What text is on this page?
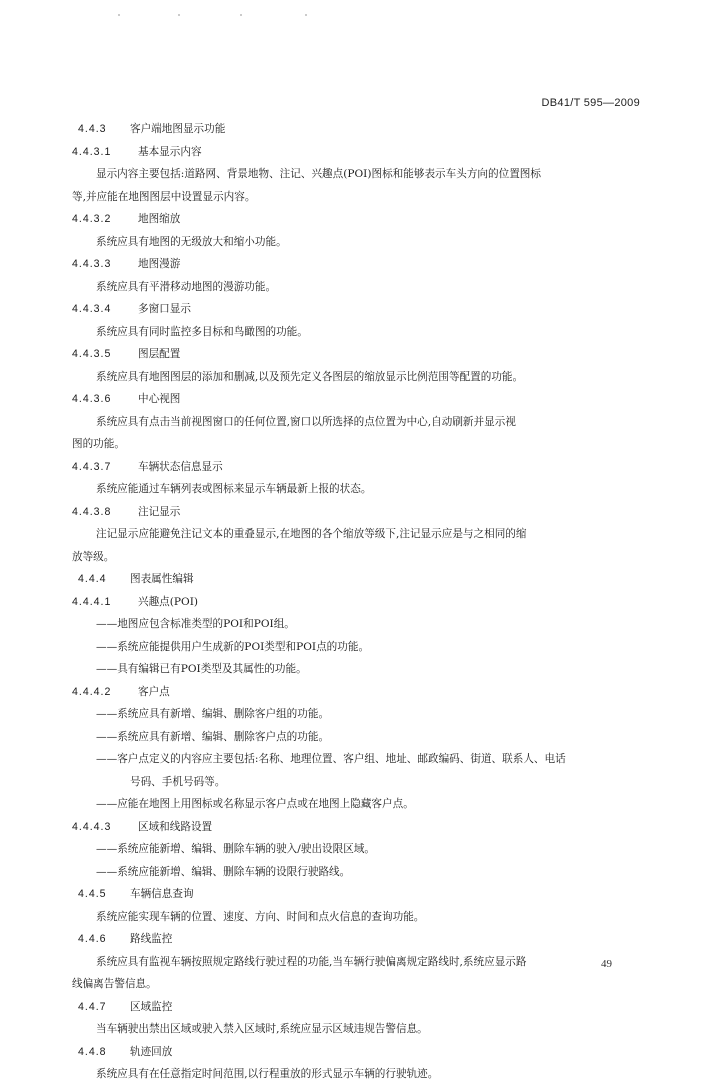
DB41/T 595—2009
4.4.3 客户端地图显示功能
4.4.3.1	基本显示内容
显示内容主要包括:道路网、背景地物、注记、兴趣点(POI)图标和能够表示车头方向的位置图标
等,并应能在地图图层中设置显示内容。
4.4.3.2	地图缩放
系统应具有地图的无级放大和缩小功能。
4.4.3.3	地图漫游
系统应具有平滑移动地图的漫游功能。
4.4.3.4	多窗口显示
系统应具有同时监控多目标和鸟瞰图的功能。
4.4.3.5	图层配置
系统应具有地图图层的添加和删减,以及预先定义各图层的缩放显示比例范围等配置的功能。
4.4.3.6	中心视图
系统应具有点击当前视图窗口的任何位置,窗口以所选择的点位置为中心,自动刷新并显示视
图的功能。
4.4.3.7	车辆状态信息显示
系统应能通过车辆列表或图标来显示车辆最新上报的状态。
4.4.3.8	注记显示
注记显示应能避免注记文本的重叠显示,在地图的各个缩放等级下,注记显示应是与之相同的缩
放等级。
4.4.4 图表属性编辑
4.4.4.1	兴趣点(POI)
——地图应包含标准类型的POI和POI组。
——系统应能提供用户生成新的POI类型和POI点的功能。
——具有编辑已有POI类型及其属性的功能。
4.4.4.2	客户点
——系统应具有新增、编辑、删除客户组的功能。
——系统应具有新增、编辑、删除客户点的功能。
——客户点定义的内容应主要包括:名称、地理位置、客户组、地址、邮政编码、街道、联系人、电话
号码、手机号码等。
——应能在地图上用图标或名称显示客户点或在地图上隐藏客户点。
4.4.4.3	区域和线路设置
——系统应能新增、编辑、删除车辆的驶入/驶出设限区域。
——系统应能新增、编辑、删除车辆的设限行驶路线。
4.4.5 车辆信息查询
系统应能实现车辆的位置、速度、方向、时间和点火信息的查询功能。
4.4.6 路线监控
系统应具有监视车辆按照规定路线行驶过程的功能,当车辆行驶偏离规定路线时,系统应显示路
线偏离告警信息。
4.4.7 区域监控
当车辆驶出禁出区域或驶入禁入区域时,系统应显示区域违规告警信息。
4.4.8 轨迹回放
系统应具有在任意指定时间范围,以行程重放的形式显示车辆的行驶轨迹。
49
